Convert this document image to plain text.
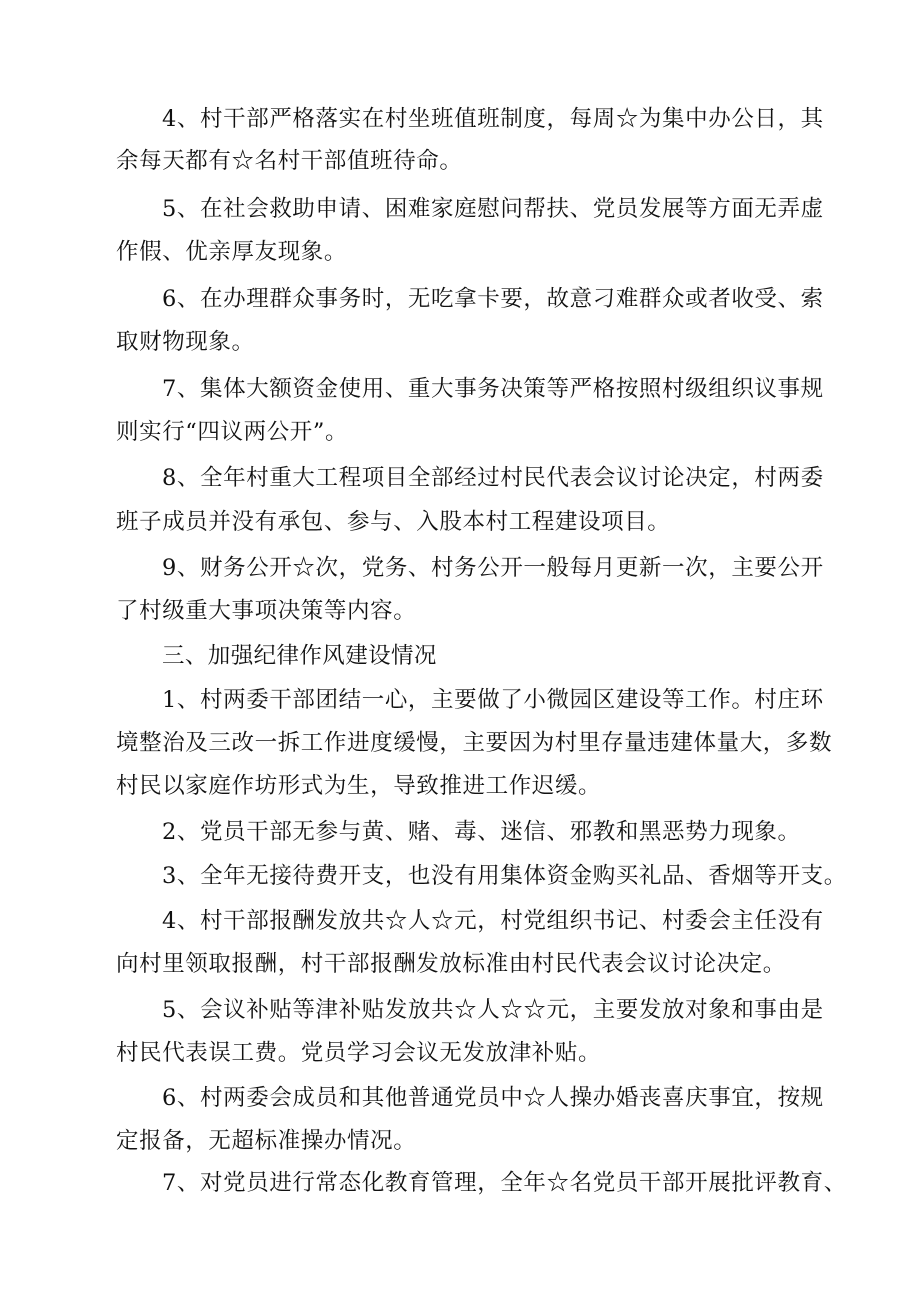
4、村干部严格落实在村坐班值班制度，每周☆为集中办公日，其
余每天都有☆名村干部值班待命。
5、在社会救助申请、困难家庭慰问帮扶、党员发展等方面无弄虚
作假、优亲厚友现象。
6、在办理群众事务时，无吃拿卡要，故意刁难群众或者收受、索
取财物现象。
7、集体大额资金使用、重大事务决策等严格按照村级组织议事规
则实行“四议两公开”。
8、全年村重大工程项目全部经过村民代表会议讨论决定，村两委
班子成员并没有承包、参与、入股本村工程建设项目。
9、财务公开☆次，党务、村务公开一般每月更新一次，主要公开
了村级重大事项决策等内容。
三、加强纪律作风建设情况
1、村两委干部团结一心，主要做了小微园区建设等工作。村庄环
境整治及三改一拆工作进度缓慢，主要因为村里存量违建体量大，多数
村民以家庭作坊形式为生，导致推进工作迟缓。
2、党员干部无参与黄、赌、毒、迷信、邪教和黑恶势力现象。
3、全年无接待费开支，也没有用集体资金购买礼品、香烟等开支。
4、村干部报酬发放共☆人☆元，村党组织书记、村委会主任没有
向村里领取报酬，村干部报酬发放标准由村民代表会议讨论决定。
5、会议补贴等津补贴发放共☆人☆☆元，主要发放对象和事由是
村民代表误工费。党员学习会议无发放津补贴。
6、村两委会成员和其他普通党员中☆人操办婚丧喜庆事宜，按规
定报备，无超标准操办情况。
7、对党员进行常态化教育管理，全年☆名党员干部开展批评教育、
